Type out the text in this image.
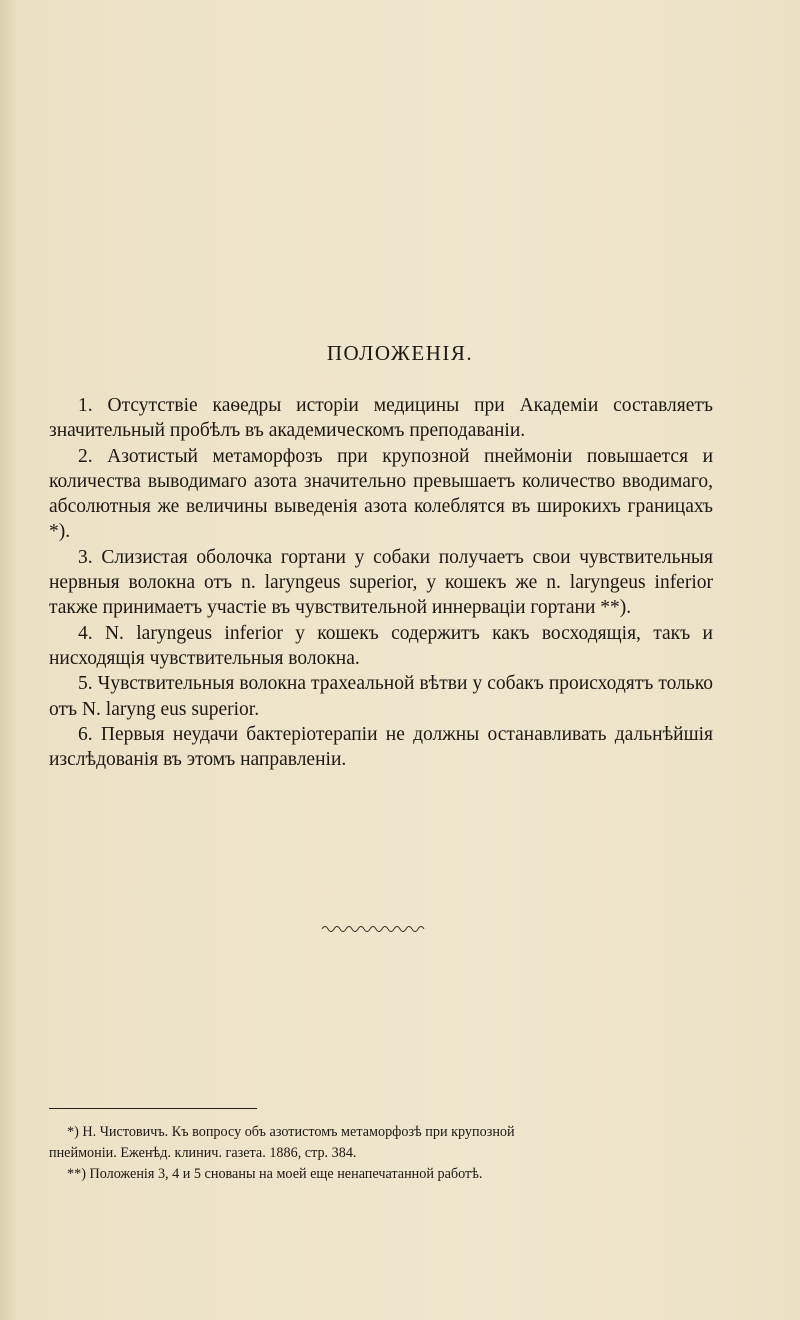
ПОЛОЖЕНІЯ.

1. Отсутствіе каѳедры исторіи медицины при Академіи составляетъ значительный пробѣлъ въ академическомъ преподаваніи.

2. Азотистый метаморфозъ при крупозной пнеймоніи повышается и количества выводимаго азота значительно превышаетъ количество вводимаго, абсолютныя же величины выведенія азота колеблятся въ широкихъ границахъ *).

3. Слизистая оболочка гортани у собаки получаетъ свои чувствительныя нервныя волокна отъ n. laryngeus superior, у кошекъ же n. laryngeus inferior также принимаетъ участіе въ чувствительной иннерваціи гортани **).

4. N. laryngeus inferior у кошекъ содержитъ какъ восходящія, такъ и нисходящія чувствительныя волокна.

5. Чувствительныя волокна трахеальной вѣтви у собакъ происходятъ только отъ N. laryng eus superior.

6. Первыя неудачи бактеріотерапіи не должны останавливать дальнѣйшія изслѣдованія въ этомъ направленіи.

*) Н. Чистовичъ. Къ вопросу объ азотистомъ метаморфозѣ при крупозной

пнеймоніи. Еженѣд. клинич. газета. 1886, стр. 384.

**) Положенія 3, 4 и 5 снованы на моей еще ненапечатанной работѣ.
